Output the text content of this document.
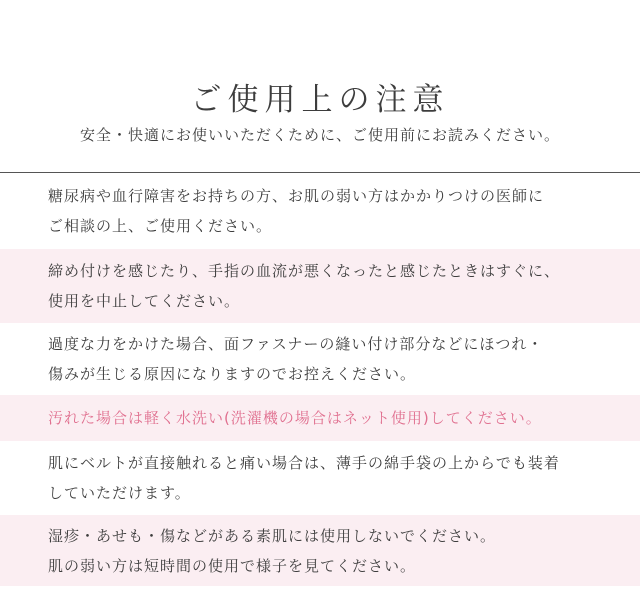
ご使用上の注意
安全・快適にお使いいただくために、ご使用前にお読みください。
糖尿病や血行障害をお持ちの方、お肌の弱い方はかかりつけの医師に
ご相談の上、ご使用ください。
締め付けを感じたり、手指の血流が悪くなったと感じたときはすぐに、
使用を中止してください。
過度な力をかけた場合、面ファスナーの縫い付け部分などにほつれ・
傷みが生じる原因になりますのでお控えください。
汚れた場合は軽く水洗い(洗濯機の場合はネット使用)してください。
肌にベルトが直接触れると痛い場合は、薄手の綿手袋の上からでも装着
していただけます。
湿疹・あせも・傷などがある素肌には使用しないでください。
肌の弱い方は短時間の使用で様子を見てください。
